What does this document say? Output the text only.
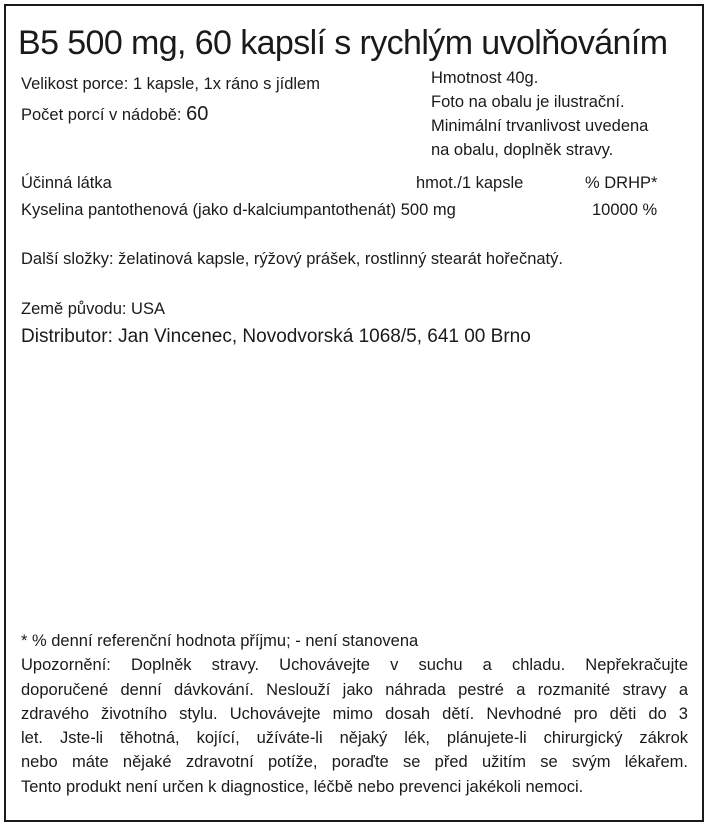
B5 500 mg, 60 kapslí s rychlým uvolňováním
Velikost porce: 1 kapsle, 1x ráno s jídlem
Počet porcí v nádobě: 60
Hmotnost 40g.
Foto na obalu je ilustrační.
Minimální trvanlivost uvedena
na obalu, doplněk stravy.
Účinná látka	hmot./1 kapsle	% DRHP*
Kyselina pantothenová (jako d-kalciumpantothenát) 500 mg	10000 %
Další složky: želatinová kapsle, rýžový prášek, rostlinný stearát hořečnatý.
Země původu: USA
Distributor: Jan Vincenec, Novodvorská 1068/5, 641 00 Brno
* % denní referenční hodnota příjmu; - není stanovena
Upozornění: Doplněk stravy. Uchovávejte v suchu a chladu. Nepřekračujte
doporučené denní dávkování. Neslouží jako náhrada pestré a rozmanité stravy a
zdravého životního stylu. Uchovávejte mimo dosah dětí. Nevhodné pro děti do 3
let. Jste-li těhotná, kojící, užíváte-li nějaký lék, plánujete-li chirurgický zákrok
nebo máte nějaké zdravotní potíže, poraďte se před užitím se svým lékařem.
Tento produkt není určen k diagnostice, léčbě nebo prevenci jakékoli nemoci.
